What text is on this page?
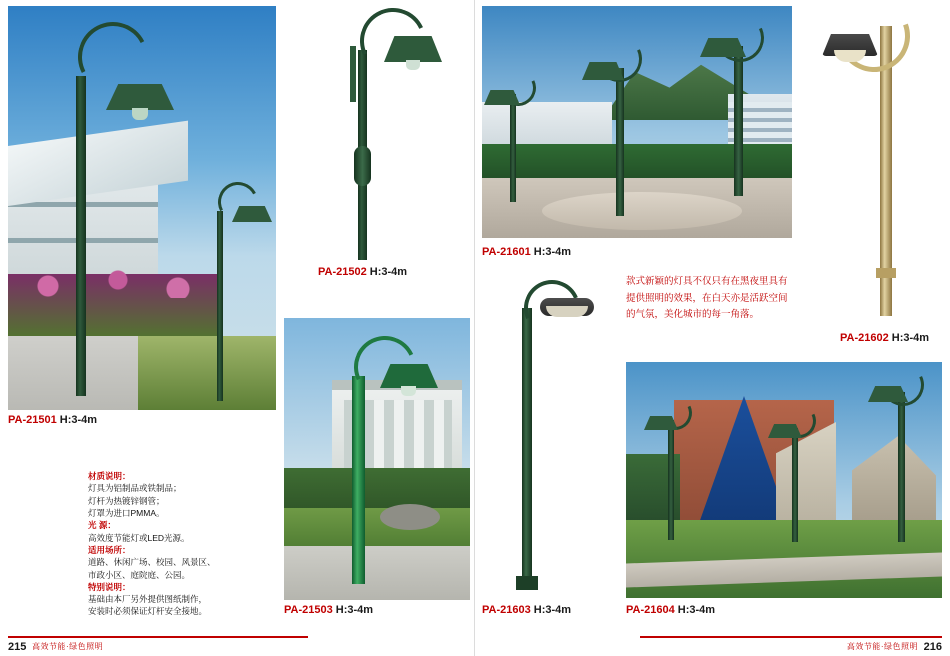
PA-21501 H:3-4m
PA-21502 H:3-4m
PA-21503 H:3-4m
PA-21601 H:3-4m
PA-21602 H:3-4m
PA-21603 H:3-4m	PA-21604 H:3-4m
材质说明：
灯具为铝制品或铁制品；
灯杆为热镀锌钢管；
灯罩为进口PMMA。
光 源：
高效度节能灯或LED光源。
适用场所：
道路、休闲广场、校园、风景区、
市政小区、庭院庭、公园。
特别说明：
基础由本厂另外提供图纸制作，
安装时必须保证灯杆安全接地。
款式新颖的灯具不仅只有在黑夜里具有提供照明的效果，在白天亦是活跃空间的气氛，美化城市的每一角落。
215 高效节能·绿色照明	216
高效节能·绿色照明
